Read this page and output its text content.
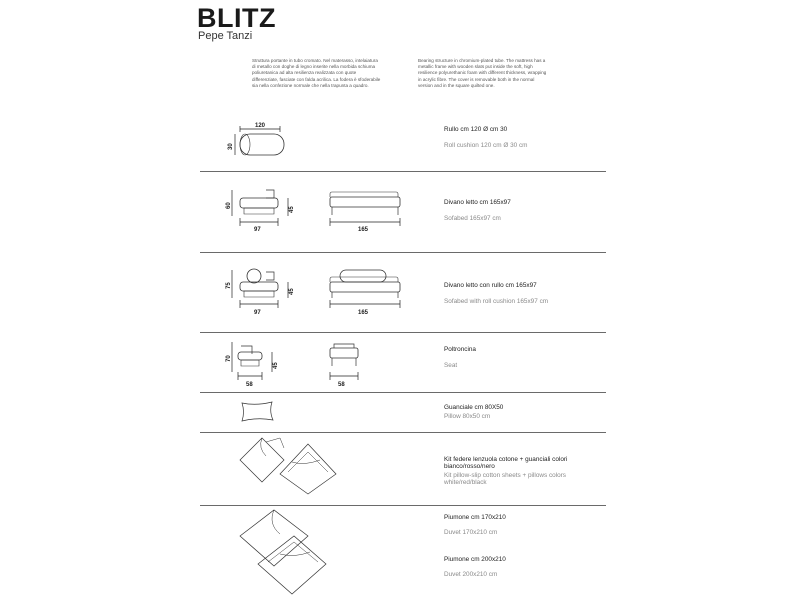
BLITZ
Pepe Tanzi
Struttura portante in tubo cromato. Nel materasso, intelaiatura di metallo con doghe di legno inserite nella morbida schiuma poliuretanica ad alta resilienza realizzata con quote differenziate, fasciate con falda acrilica. La fodera è sfoderabile sia nella confezione normale che nella trapunta a quadro.
Bearing structure in chromium-plated tube. The mattress has a metallic frame with wooden slats put inside the soft, high resilience polyurethanic foam with different thickness, wrapping in acrylic fibre. The cover is removable both in the normal version and in the square quilted one.
120
30
Rullo cm 120 Ø cm 30
Roll cushion 120 cm Ø 30 cm
60
45
97	165
Divano letto cm 165x97
Sofabed 165x97 cm
75
45
97	165
Divano letto con rullo cm 165x97
Sofabed with roll cushion 165x97 cm
70
45
58	58
Poltroncina
Seat
Guanciale cm 80X50
Pillow 80x50 cm
Kit federe lenzuola cotone + guanciali colori bianco/rosso/nero
Kit pillow-slip cotton sheets + pillows colors white/red/black
Piumone cm 170x210
Duvet 170x210 cm
Piumone cm 200x210
Duvet 200x210 cm
